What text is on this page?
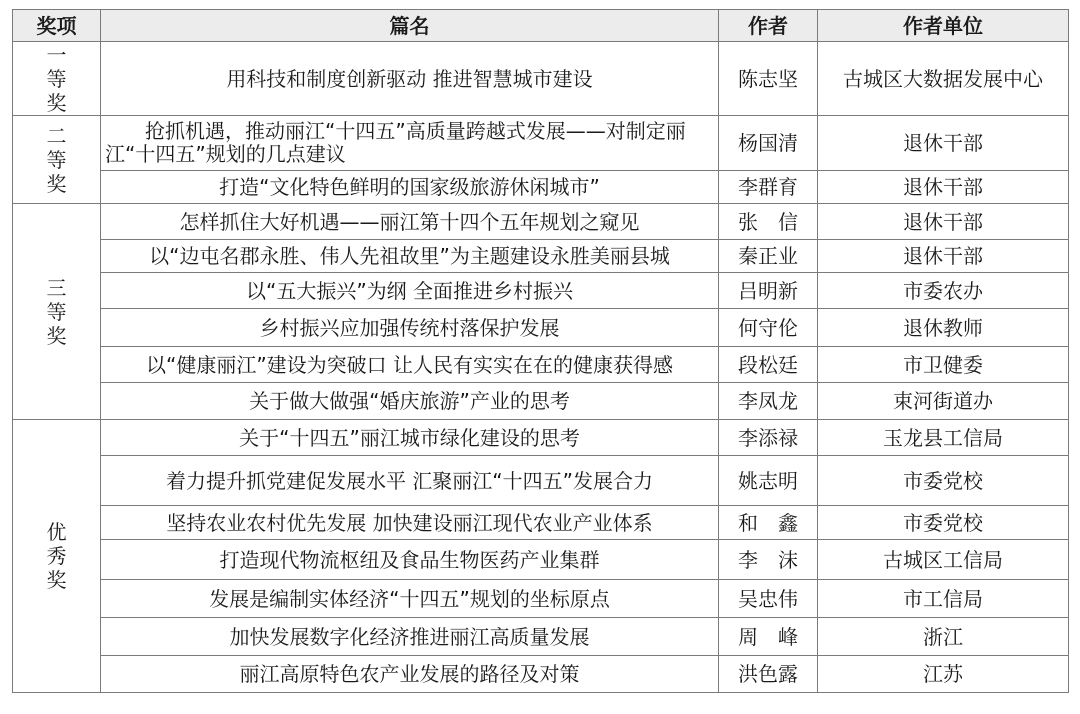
奖项	篇名	作者	作者单位

一等奖	用科技和制度创新驱动 推进智慧城市建设	陈志坚	古城区大数据发展中心

二等奖	抢抓机遇，推动丽江“十四五”高质量跨越式发展——对制定丽江“十四五”规划的几点建议	杨国清	退休干部
	打造“文化特色鲜明的国家级旅游休闲城市”	李群育	退休干部

三等奖	怎样抓住大好机遇——丽江第十四个五年规划之窥见	张　信	退休干部
	以“边屯名郡永胜、伟人先祖故里”为主题建设永胜美丽县城	秦正业	退休干部
	以“五大振兴”为纲 全面推进乡村振兴	吕明新	市委农办
	乡村振兴应加强传统村落保护发展	何守伦	退休教师
	以“健康丽江”建设为突破口 让人民有实实在在的健康获得感	段松廷	市卫健委
	关于做大做强“婚庆旅游”产业的思考	李凤龙	束河街道办

优秀奖	关于“十四五”丽江城市绿化建设的思考	李添禄	玉龙县工信局
	着力提升抓党建促发展水平 汇聚丽江“十四五”发展合力	姚志明	市委党校
	坚持农业农村优先发展 加快建设丽江现代农业产业体系	和　鑫	市委党校
	打造现代物流枢纽及食品生物医药产业集群	李　沫	古城区工信局
	发展是编制实体经济“十四五”规划的坐标原点	吴忠伟	市工信局
	加快发展数字化经济推进丽江高质量发展	周　峰	浙江
	丽江高原特色农产业发展的路径及对策	洪色露	江苏
